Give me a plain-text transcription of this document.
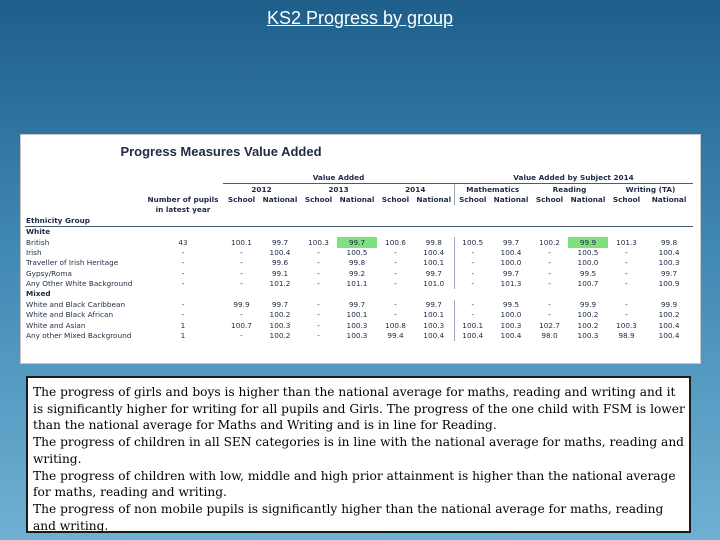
KS2 Progress by group
Progress Measures Value Added
		Value Added						Value Added by Subject 2014					
		2012		2013		2014		Mathematics		Reading		Writing (TA)	
	Number of pupils	School	National	School	National	School	National	School	National	School	National	School	National
	in latest year												
Ethnicity Group													
White													
British	43	100.1	99.7	100.3	99.7	100.6	99.8	100.5	99.7	100.2	99.9	101.3	99.8
Irish	-	-	100.4	-	100.5	-	100.4	-	100.4	-	100.5	-	100.4
Traveller of Irish Heritage	-	-	99.6	-	99.8	-	100.1	-	100.0	-	100.0	-	100.3
Gypsy/Roma	-	-	99.1	-	99.2	-	99.7	-	99.7	-	99.5	-	99.7
Any Other White Background	-	-	101.2	-	101.1	-	101.0	-	101.3	-	100.7	-	100.9
Mixed													
White and Black Caribbean	-	99.9	99.7	-	99.7	-	99.7	-	99.5	-	99.9	-	99.9
White and Black African	-	-	100.2	-	100.1	-	100.1	-	100.0	-	100.2	-	100.2
White and Asian	1	100.7	100.3	-	100.3	100.8	100.3	100.1	100.3	102.7	100.2	100.3	100.4
Any other Mixed Background	1	-	100.2	-	100.3	99.4	100.4	100.4	100.4	98.0	100.3	98.9	100.4

The progress of girls and boys is higher than the national average for maths, reading and writing and it is significantly higher for writing for all pupils and Girls. The progress of the one child with FSM is lower than the national average for Maths and Writing and is in line for Reading.

The progress of children in all SEN categories is in line with the national average for maths, reading and writing.

The progress of children with low, middle and high prior attainment is higher than the national average for maths, reading and writing.

The progress of non mobile pupils is significantly higher than the national average for maths, reading and writing.
